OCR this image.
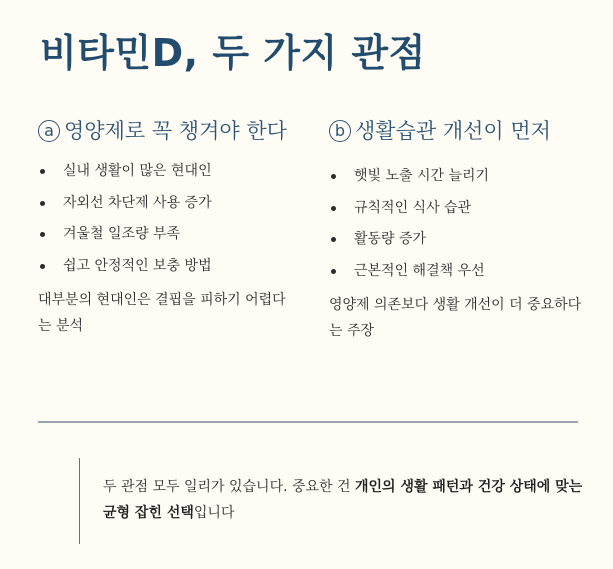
비타민D, 두 가지 관점
a 영양제로 꼭 챙겨야 한다
실내 생활이 많은 현대인
자외선 차단제 사용 증가
겨울철 일조량 부족
쉽고 안정적인 보충 방법

대부분의 현대인은 결핍을 피하기 어렵다는 분석

b 생활습관 개선이 먼저
햇빛 노출 시간 늘리기
규칙적인 식사 습관
활동량 증가
근본적인 해결책 우선

영양제 의존보다 생활 개선이 더 중요하다는 주장

두 관점 모두 일리가 있습니다. 중요한 건 개인의 생활 패턴과 건강 상태에 맞는 균형 잡힌 선택입니다
